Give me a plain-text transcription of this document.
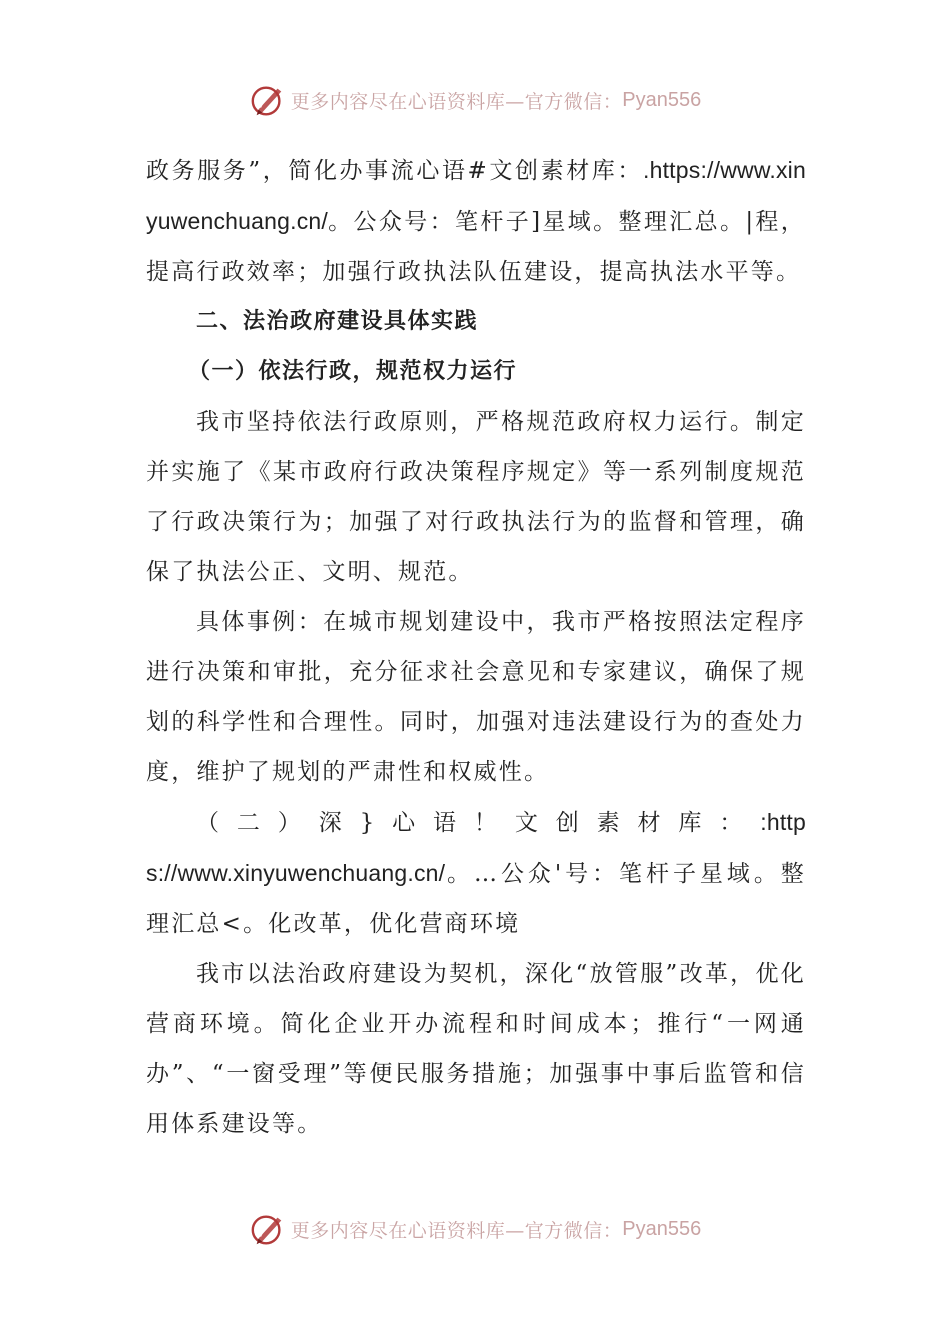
更多内容尽在心语资料库—官方微信： Pyan556

政务服务”，简化办事流心语#文创素材库：.https://www.xinyuwenchuang.cn/。公众号：笔杆子]星域。整理汇总。|程，提高行政效率；加强行政执法队伍建设，提高执法水平等。

二、法治政府建设具体实践

（一）依法行政，规范权力运行

我市坚持依法行政原则，严格规范政府权力运行。制定并实施了《某市政府行政决策程序规定》等一系列制度规范了行政决策行为；加强了对行政执法行为的监督和管理，确保了执法公正、文明、规范。

具体事例：在城市规划建设中，我市严格按照法定程序进行决策和审批，充分征求社会意见和专家建议，确保了规划的科学性和合理性。同时，加强对违法建设行为的查处力度，维护了规划的严肃性和权威性。

（二）深}心语！文创素材库：:https://www.xinyuwenchuang.cn/。…公众'号：笔杆子星域。整理汇总<。化改革，优化营商环境

我市以法治政府建设为契机，深化“放管服”改革，优化营商环境。简化企业开办流程和时间成本；推行“一网通办”、“一窗受理”等便民服务措施；加强事中事后监管和信用体系建设等。

更多内容尽在心语资料库—官方微信： Pyan556
